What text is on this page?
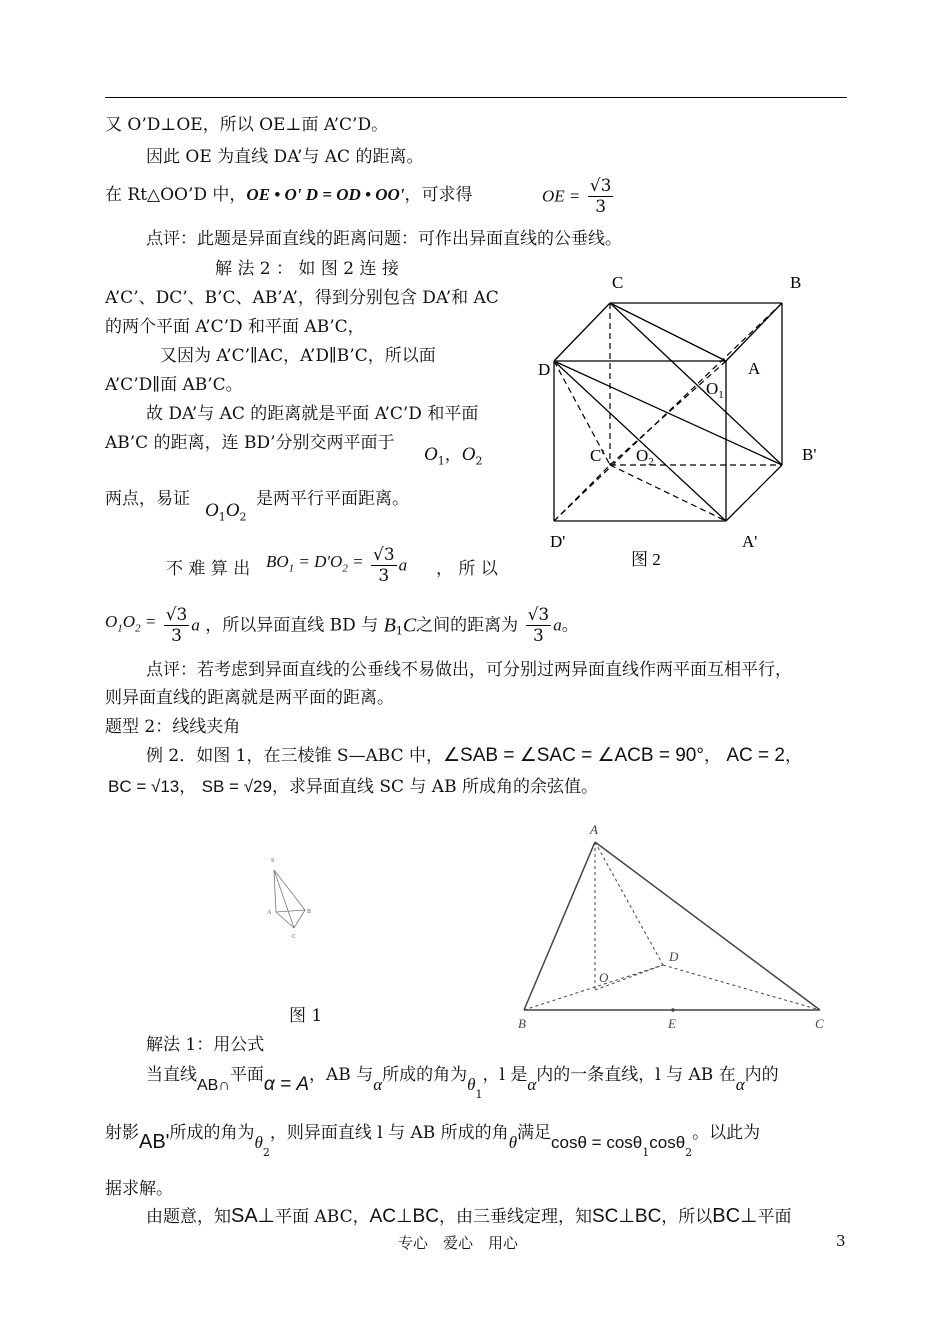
又 O’D⊥OE，所以 OE⊥面 A’C’D。
因此 OE 为直线 DA’与 AC 的距离。
在 Rt△OO’D 中，OE • O' D = OD • OO'，可求得	OE = $\frac{√3}{3}$
点评：此题是异面直线的距离问题：可作出异面直线的公垂线。
解 法 2 ： 如 图 2 连 接
A’C’、DC’、B’C、AB’A’，得到分别包含 DA’和 AC
的两个平面 A’C’D 和平面 AB’C，
又因为 A’C’∥AC，A’D∥B’C，所以面
A’C’D∥面 AB’C。
故 DA’与 AC 的距离就是平面 A’C’D 和平面
AB’C 的距离，连 BD’分别交两平面于
$O_1$，$O_2$
两点，易证
$O_1O_2$
是两平行平面距离。
不 难 算 出 $BO_1 = D'O_2 = \frac{√3}{3}$ a ， 所 以
$O_1O_2 = \frac{√3}{3}$ a ，所以异面直线 BD 与 $B_1C$之间的距离为 $\frac{√3}{3}$ a。
点评：若考虑到异面直线的公垂线不易做出，可分别过两异面直线作两平面互相平行，
则异面直线的距离就是两平面的距离。
题型 2：线线夹角
例 2．如图 1，在三棱锥 S—ABC 中，∠SAB = ∠SAC = ∠ACB = 90°， AC = 2，
BC = √13， SB = √29，求异面直线 SC 与 AB 所成角的余弦值。
S
A	B
C
图 1
C	B
D	A
$O_1$
C' $O_2$	B'
D'	A'
图 2
A
D
O
B	E	C
解法 1：用公式
当直线AB∩平面α = A，AB 与α所成的角为$\theta_1$，l 是α内的一条直线，l 与 AB 在α内的
射影AB'所成的角为$\theta_2$，则异面直线 l 与 AB 所成的角θ满足cosθ = cosθ$_1$cosθ$_2$。以此为
据求解。
由题意，知SA⊥平面 ABC，AC⊥BC，由三垂线定理，知SC⊥BC，所以BC⊥平面
专心　爱心　用心	3
